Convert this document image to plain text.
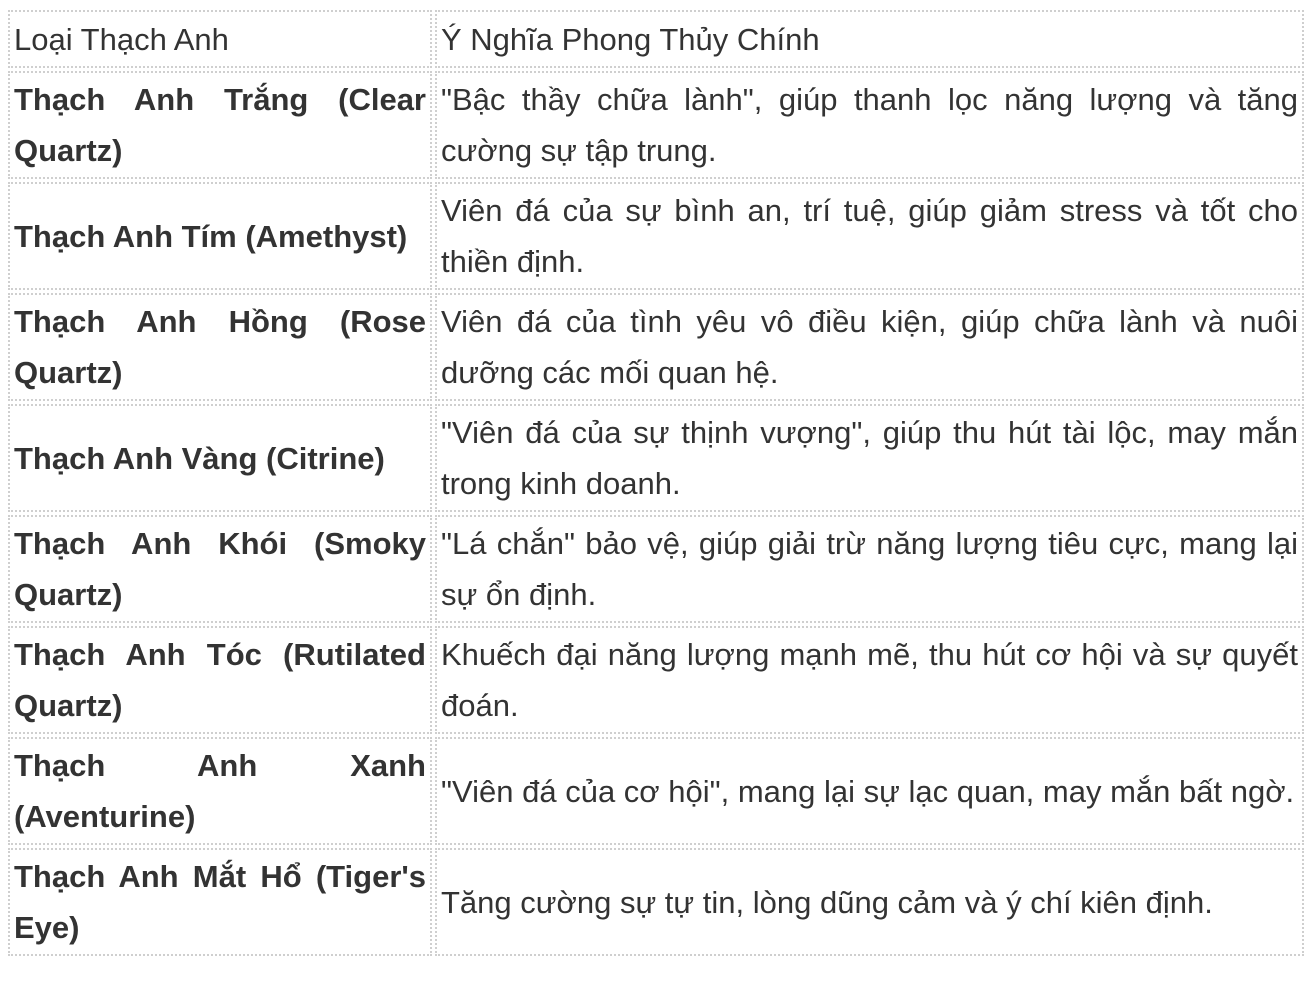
Loại Thạch Anh	Ý Nghĩa Phong Thủy Chính
Thạch Anh Trắng (Clear Quartz)	"Bậc thầy chữa lành", giúp thanh lọc năng lượng và tăng cường sự tập trung.
Thạch Anh Tím (Amethyst)	Viên đá của sự bình an, trí tuệ, giúp giảm stress và tốt cho thiền định.
Thạch Anh Hồng (Rose Quartz)	Viên đá của tình yêu vô điều kiện, giúp chữa lành và nuôi dưỡng các mối quan hệ.
Thạch Anh Vàng (Citrine)	"Viên đá của sự thịnh vượng", giúp thu hút tài lộc, may mắn trong kinh doanh.
Thạch Anh Khói (Smoky Quartz)	"Lá chắn" bảo vệ, giúp giải trừ năng lượng tiêu cực, mang lại sự ổn định.
Thạch Anh Tóc (Rutilated Quartz)	Khuếch đại năng lượng mạnh mẽ, thu hút cơ hội và sự quyết đoán.
Thạch Anh Xanh (Aventurine)	"Viên đá của cơ hội", mang lại sự lạc quan, may mắn bất ngờ.
Thạch Anh Mắt Hổ (Tiger's Eye)	Tăng cường sự tự tin, lòng dũng cảm và ý chí kiên định.
